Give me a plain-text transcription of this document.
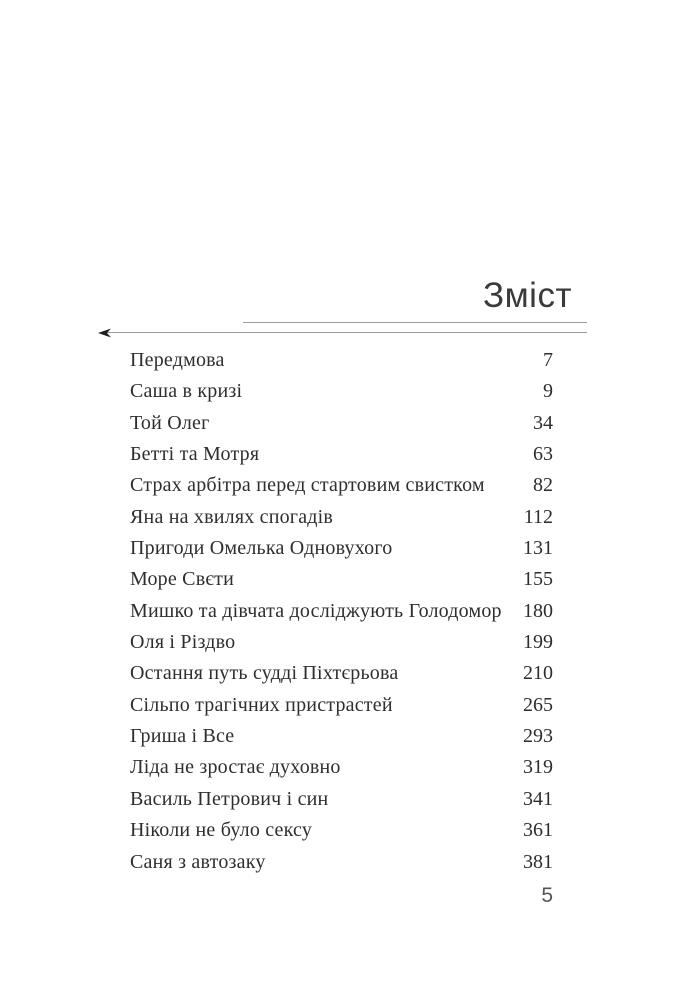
Зміст
Передмова	7
Саша в кризі	9
Той Олег	34
Бетті та Мотря	63
Страх арбітра перед стартовим свистком 82
Яна на хвилях спогадів	112
Пригоди Омелька Одновухого	131
Море Свєти	155
Мишко та дівчата досліджують Голодомор 180
Оля і Різдво	199
Остання путь судді Піхтєрьова	210
Сільпо трагічних пристрастей	265
Гриша і Все	293
Ліда не зростає духовно	319
Василь Петрович і син	341
Ніколи не було сексу	361
Саня з автозаку	381
5
